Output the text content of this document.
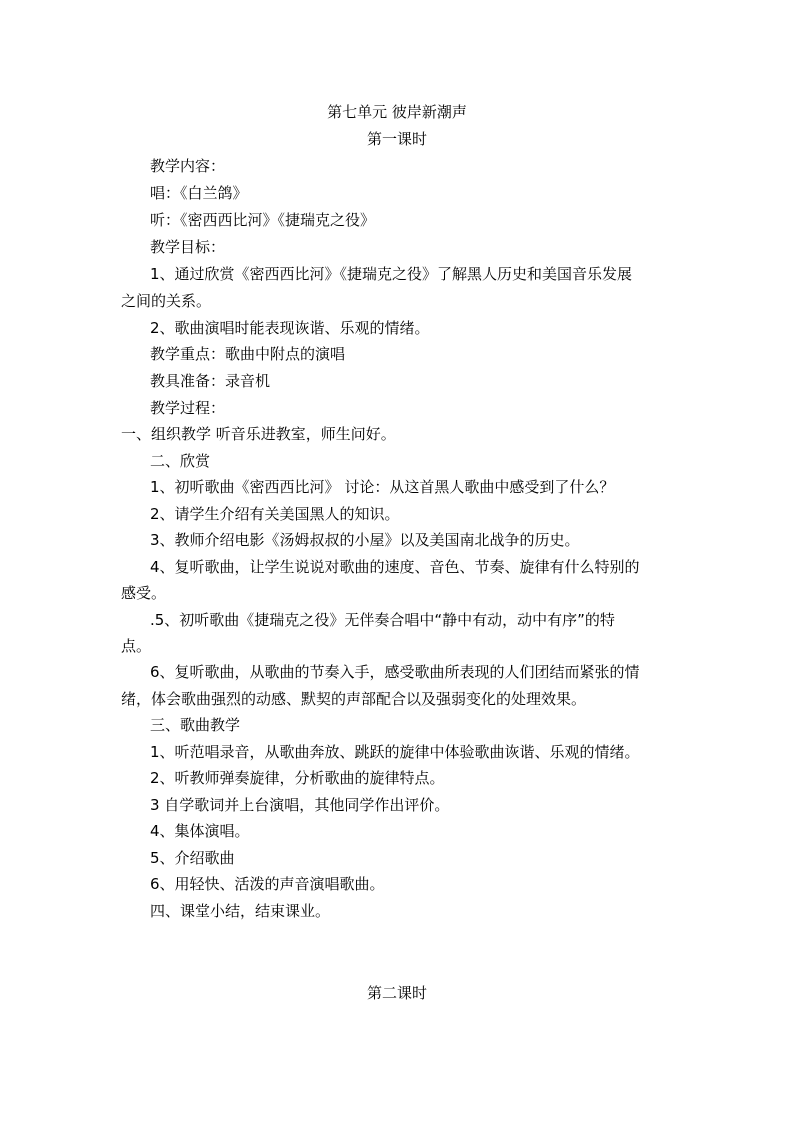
第七单元 彼岸新潮声
第一课时
教学内容：
唱：《白兰鸽》
听：《密西西比河》《捷瑞克之役》
教学目标：
1、通过欣赏《密西西比河》《捷瑞克之役》了解黑人历史和美国音乐发展
之间的关系。
2、歌曲演唱时能表现诙谐、乐观的情绪。
教学重点：歌曲中附点的演唱
教具准备：录音机
教学过程：
一、组织教学 听音乐进教室，师生问好。
二、欣赏
1、初听歌曲《密西西比河》 讨论：从这首黑人歌曲中感受到了什么？
2、请学生介绍有关美国黑人的知识。
3、教师介绍电影《汤姆叔叔的小屋》以及美国南北战争的历史。
4、复听歌曲，让学生说说对歌曲的速度、音色、节奏、旋律有什么特别的
感受。
.5、初听歌曲《捷瑞克之役》无伴奏合唱中“静中有动，动中有序”的特
点。
6、复听歌曲，从歌曲的节奏入手，感受歌曲所表现的人们团结而紧张的情
绪，体会歌曲强烈的动感、默契的声部配合以及强弱变化的处理效果。
三、歌曲教学
1、听范唱录音，从歌曲奔放、跳跃的旋律中体验歌曲诙谐、乐观的情绪。
2、听教师弹奏旋律，分析歌曲的旋律特点。
3 自学歌词并上台演唱，其他同学作出评价。
4、集体演唱。
5、介绍歌曲
6、用轻快、活泼的声音演唱歌曲。
四、课堂小结，结束课业。
第二课时
